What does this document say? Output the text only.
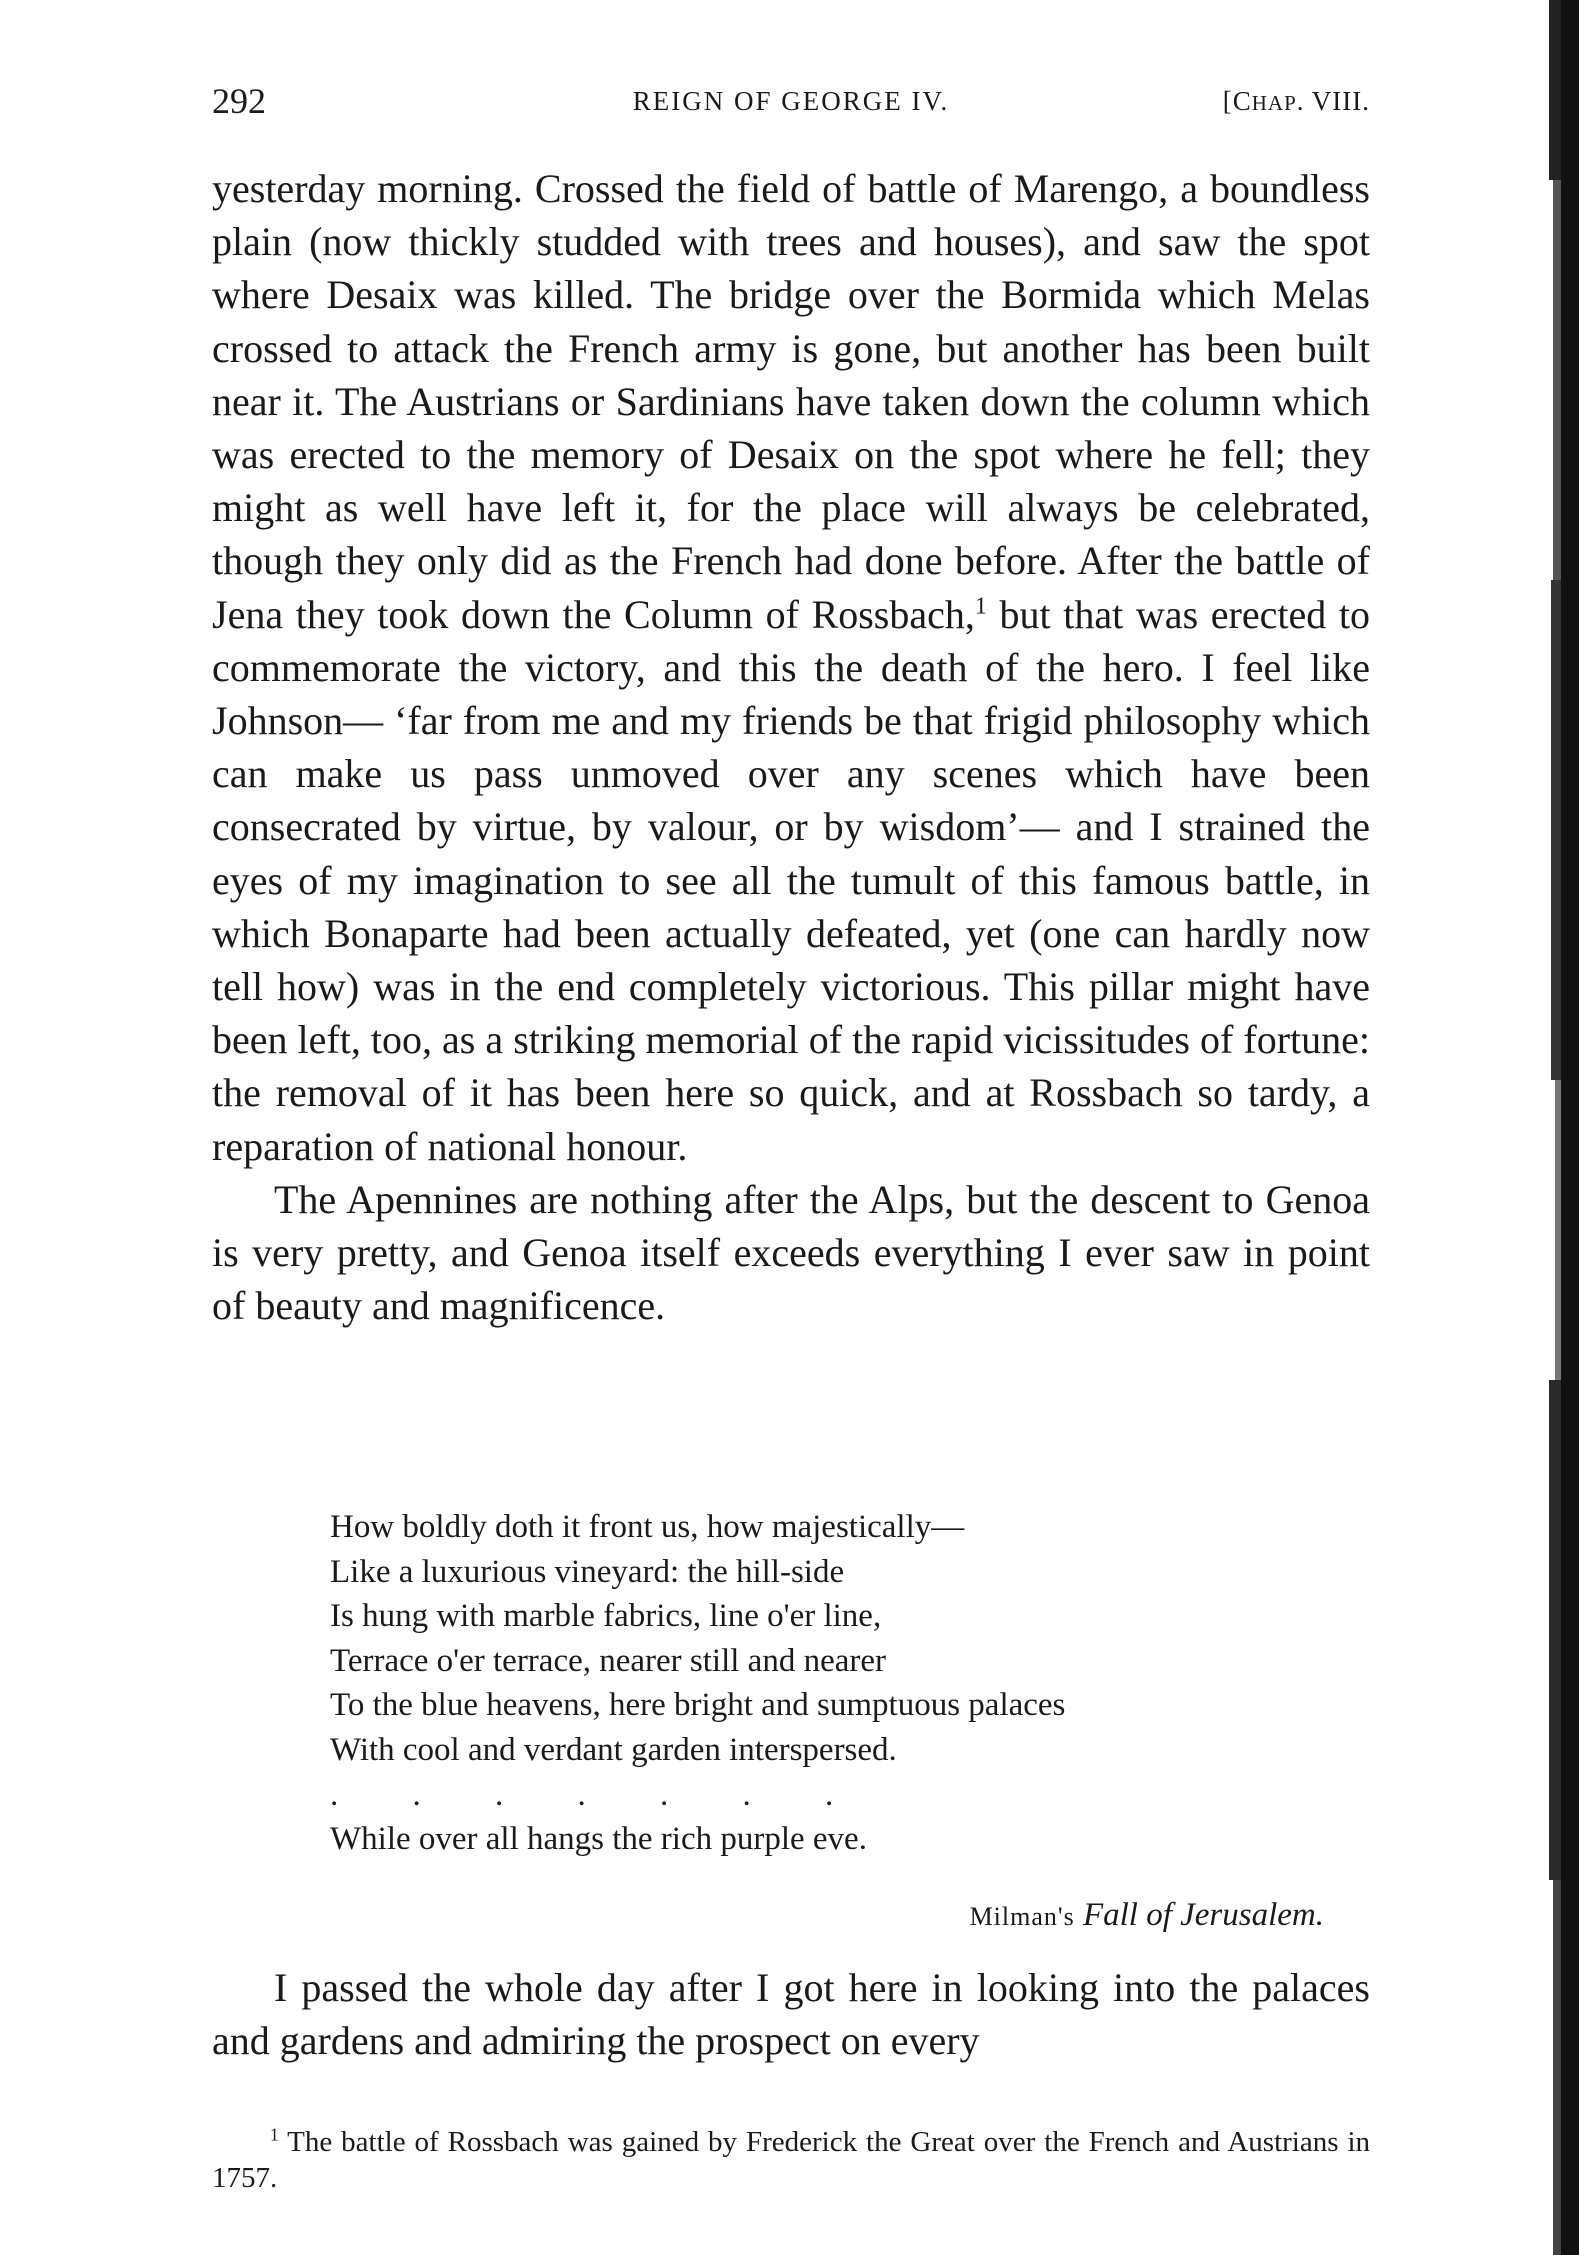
292	REIGN OF GEORGE IV.	[CHAP. VIII.

yesterday morning. Crossed the field of battle of Marengo, a boundless plain (now thickly studded with trees and houses), and saw the spot where Desaix was killed. The bridge over the Bormida which Melas crossed to attack the French army is gone, but another has been built near it. The Austrians or Sardinians have taken down the column which was erected to the memory of Desaix on the spot where he fell; they might as well have left it, for the place will always be celebrated, though they only did as the French had done before. After the battle of Jena they took down the Column of Rossbach,$^1$ but that was erected to commemorate the victory, and this the death of the hero. I feel like Johnson— ‘far from me and my friends be that frigid philosophy which can make us pass unmoved over any scenes which have been consecrated by virtue, by valour, or by wisdom’— and I strained the eyes of my imagination to see all the tumult of this famous battle, in which Bonaparte had been actually defeated, yet (one can hardly now tell how) was in the end completely victorious. This pillar might have been left, too, as a striking memorial of the rapid vicissitudes of fortune: the removal of it has been here so quick, and at Rossbach so tardy, a reparation of national honour.

The Apennines are nothing after the Alps, but the descent to Genoa is very pretty, and Genoa itself exceeds everything I ever saw in point of beauty and magnificence.

How boldly doth it front us, how majestically—
Like a luxurious vineyard: the hill-side
Is hung with marble fabrics, line o'er line,
Terrace o'er terrace, nearer still and nearer
To the blue heavens, here bright and sumptuous palaces
With cool and verdant garden interspersed.
.         .         .         .         .         .         .
While over all hangs the rich purple eve.
Milman's Fall of Jerusalem.

I passed the whole day after I got here in looking into the palaces and gardens and admiring the prospect on every

$^1$ The battle of Rossbach was gained by Frederick the Great over the French and Austrians in 1757.
